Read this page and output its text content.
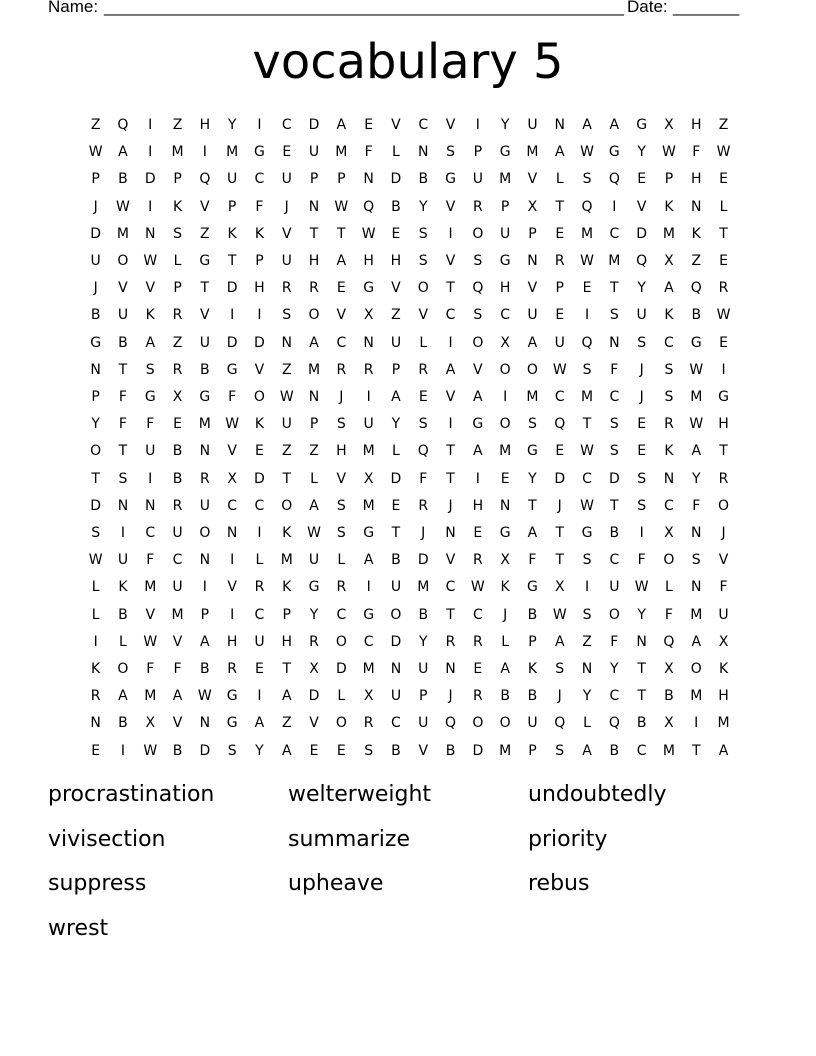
Name: _______________________________________________________ Date: _______
vocabulary 5
Z	Q	I	Z	H	Y	I	C	D	A	E	V	C	V	I	Y	U	N	A	A	G	X	H	Z
W	A	I	M	I	M	G	E	U	M	F	L	N	S	P	G	M	A	W	G	Y	W	F	W
P	B	D	P	Q	U	C	U	P	P	N	D	B	G	U	M	V	L	S	Q	E	P	H	E
J	W	I	K	V	P	F	J	N	W	Q	B	Y	V	R	P	X	T	Q	I	V	K	N	L
D	M	N	S	Z	K	K	V	T	T	W	E	S	I	O	U	P	E	M	C	D	M	K	T
U	O	W	L	G	T	P	U	H	A	H	H	S	V	S	G	N	R	W	M	Q	X	Z	E
J	V	V	P	T	D	H	R	R	E	G	V	O	T	Q	H	V	P	E	T	Y	A	Q	R
B	U	K	R	V	I	I	S	O	V	X	Z	V	C	S	C	U	E	I	S	U	K	B	W
G	B	A	Z	U	D	D	N	A	C	N	U	L	I	O	X	A	U	Q	N	S	C	G	E
N	T	S	R	B	G	V	Z	M	R	R	P	R	A	V	O	O	W	S	F	J	S	W	I
P	F	G	X	G	F	O	W	N	J	I	A	E	V	A	I	M	C	M	C	J	S	M	G
Y	F	F	E	M	W	K	U	P	S	U	Y	S	I	G	O	S	Q	T	S	E	R	W	H
O	T	U	B	N	V	E	Z	Z	H	M	L	Q	T	A	M	G	E	W	S	E	K	A	T
T	S	I	B	R	X	D	T	L	V	X	D	F	T	I	E	Y	D	C	D	S	N	Y	R
D	N	N	R	U	C	C	O	A	S	M	E	R	J	H	N	T	J	W	T	S	C	F	O
S	I	C	U	O	N	I	K	W	S	G	T	J	N	E	G	A	T	G	B	I	X	N	J
W	U	F	C	N	I	L	M	U	L	A	B	D	V	R	X	F	T	S	C	F	O	S	V
L	K	M	U	I	V	R	K	G	R	I	U	M	C	W	K	G	X	I	U	W	L	N	F
L	B	V	M	P	I	C	P	Y	C	G	O	B	T	C	J	B	W	S	O	Y	F	M	U
I	L	W	V	A	H	U	H	R	O	C	D	Y	R	R	L	P	A	Z	F	N	Q	A	X
K	O	F	F	B	R	E	T	X	D	M	N	U	N	E	A	K	S	N	Y	T	X	O	K
R	A	M	A	W	G	I	A	D	L	X	U	P	J	R	B	B	J	Y	C	T	B	M	H
N	B	X	V	N	G	A	Z	V	O	R	C	U	Q	O	O	U	Q	L	Q	B	X	I	M
E	I	W	B	D	S	Y	A	E	E	S	B	V	B	D	M	P	S	A	B	C	M	T	A
procrastination	welterweight	undoubtedly
vivisection	summarize	priority
suppress	upheave	rebus
wrest
